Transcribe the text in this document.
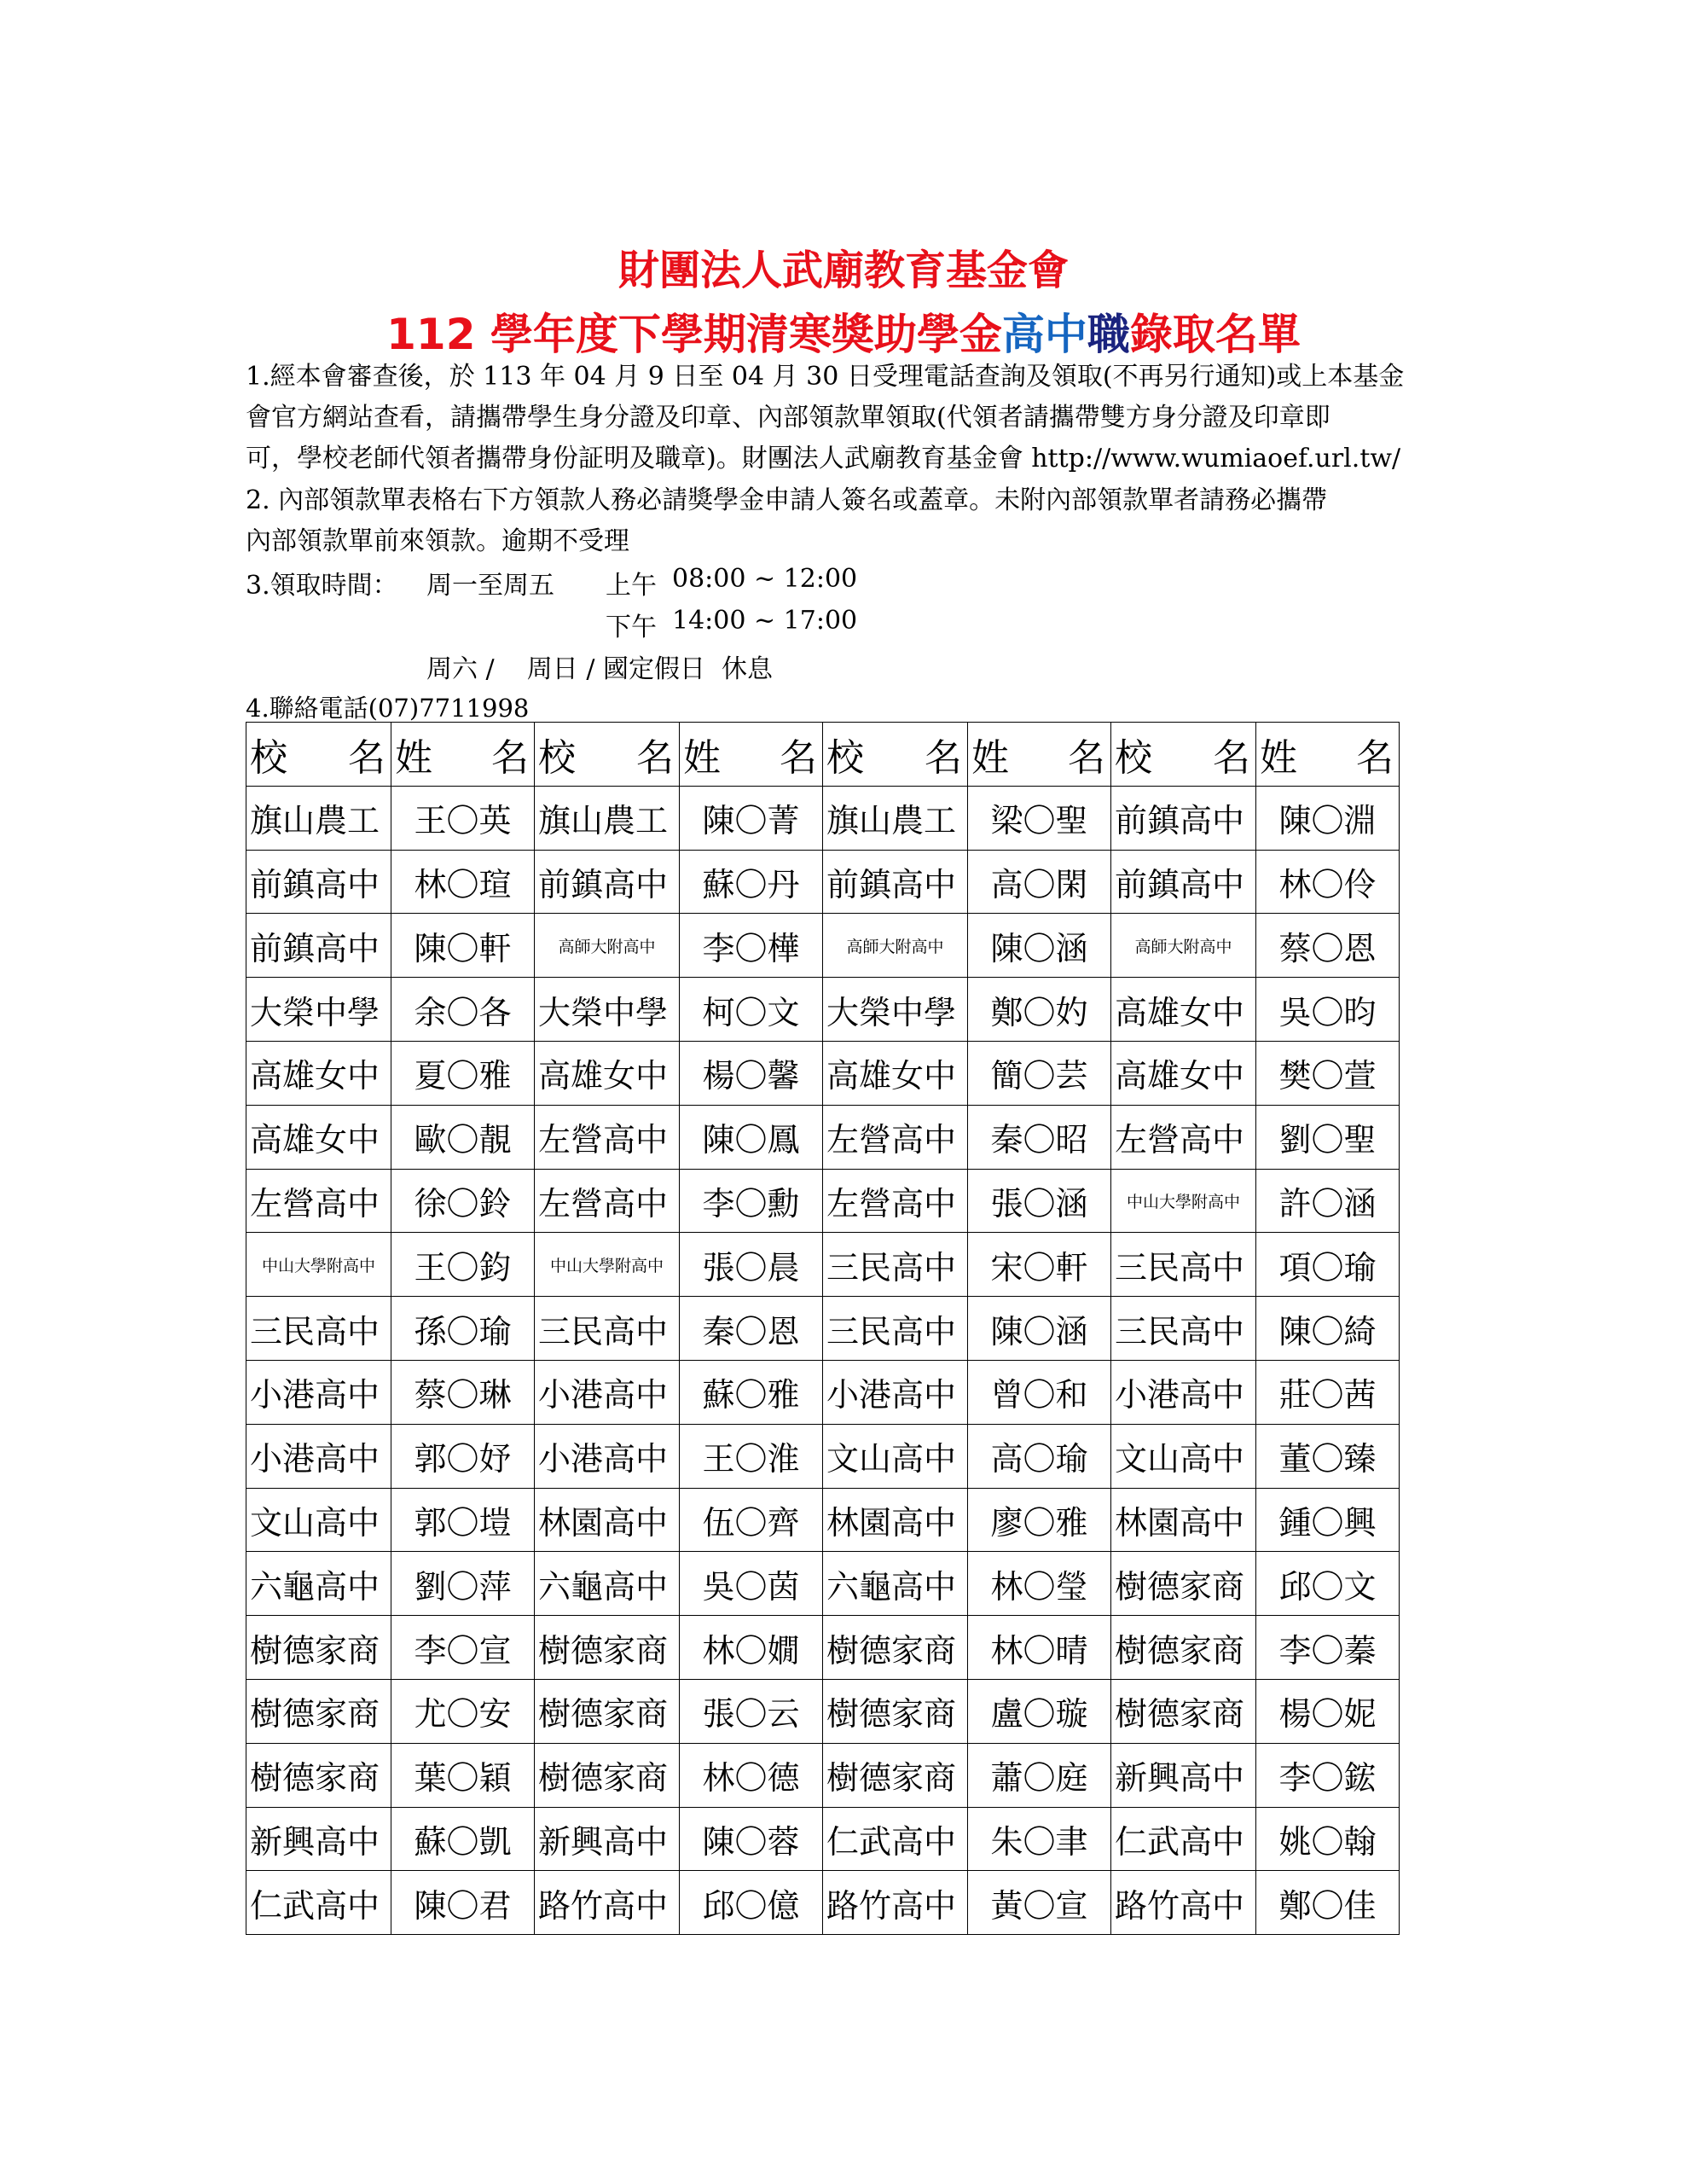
財團法人武廟教育基金會
112 學年度下學期清寒獎助學金高中職錄取名單
1.經本會審查後，於 113 年 04 月 9 日至 04 月 30 日受理電話查詢及領取(不再另行通知)或上本基金
會官方網站查看，請攜帶學生身分證及印章、內部領款單領取(代領者請攜帶雙方身分證及印章即
可，學校老師代領者攜帶身份証明及職章)。財團法人武廟教育基金會 http://www.wumiaoef.url.tw/
2. 內部領款單表格右下方領款人務必請獎學金申請人簽名或蓋章。未附內部領款單者請務必攜帶
內部領款單前來領款。逾期不受理
3.領取時間： 周一至周五 上午 08:00 ~ 12:00
下午 14:00 ~ 17:00
周六 /    周日 / 國定假日  休息
4.聯絡電話(07)7711998
校名	姓名	校名	姓名	校名	姓名	校名	姓名
旗山農工	王〇英	旗山農工	陳〇菁	旗山農工	梁〇聖	前鎮高中	陳〇淵
前鎮高中	林〇瑄	前鎮高中	蘇〇丹	前鎮高中	高〇閑	前鎮高中	林〇伶
前鎮高中	陳〇軒	高師大附高中	李〇樺	高師大附高中	陳〇涵	高師大附高中	蔡〇恩
大榮中學	余〇各	大榮中學	柯〇文	大榮中學	鄭〇妁	高雄女中	吳〇昀
高雄女中	夏〇雅	高雄女中	楊〇馨	高雄女中	簡〇芸	高雄女中	樊〇萱
高雄女中	歐〇靚	左營高中	陳〇鳳	左營高中	秦〇昭	左營高中	劉〇聖
左營高中	徐〇鈴	左營高中	李〇勳	左營高中	張〇涵	中山大學附高中	許〇涵
中山大學附高中	王〇鈞	中山大學附高中	張〇晨	三民高中	宋〇軒	三民高中	項〇瑜
三民高中	孫〇瑜	三民高中	秦〇恩	三民高中	陳〇涵	三民高中	陳〇綺
小港高中	蔡〇琳	小港高中	蘇〇雅	小港高中	曾〇和	小港高中	莊〇茜
小港高中	郭〇妤	小港高中	王〇淮	文山高中	高〇瑜	文山高中	董〇臻
文山高中	郭〇塏	林園高中	伍〇齊	林園高中	廖〇雅	林園高中	鍾〇興
六龜高中	劉〇萍	六龜高中	吳〇茵	六龜高中	林〇瑩	樹德家商	邱〇文
樹德家商	李〇宣	樹德家商	林〇嫺	樹德家商	林〇晴	樹德家商	李〇蓁
樹德家商	尤〇安	樹德家商	張〇云	樹德家商	盧〇璇	樹德家商	楊〇妮
樹德家商	葉〇穎	樹德家商	林〇德	樹德家商	蕭〇庭	新興高中	李〇鋐
新興高中	蘇〇凱	新興高中	陳〇蓉	仁武高中	朱〇聿	仁武高中	姚〇翰
仁武高中	陳〇君	路竹高中	邱〇億	路竹高中	黃〇宣	路竹高中	鄭〇佳
